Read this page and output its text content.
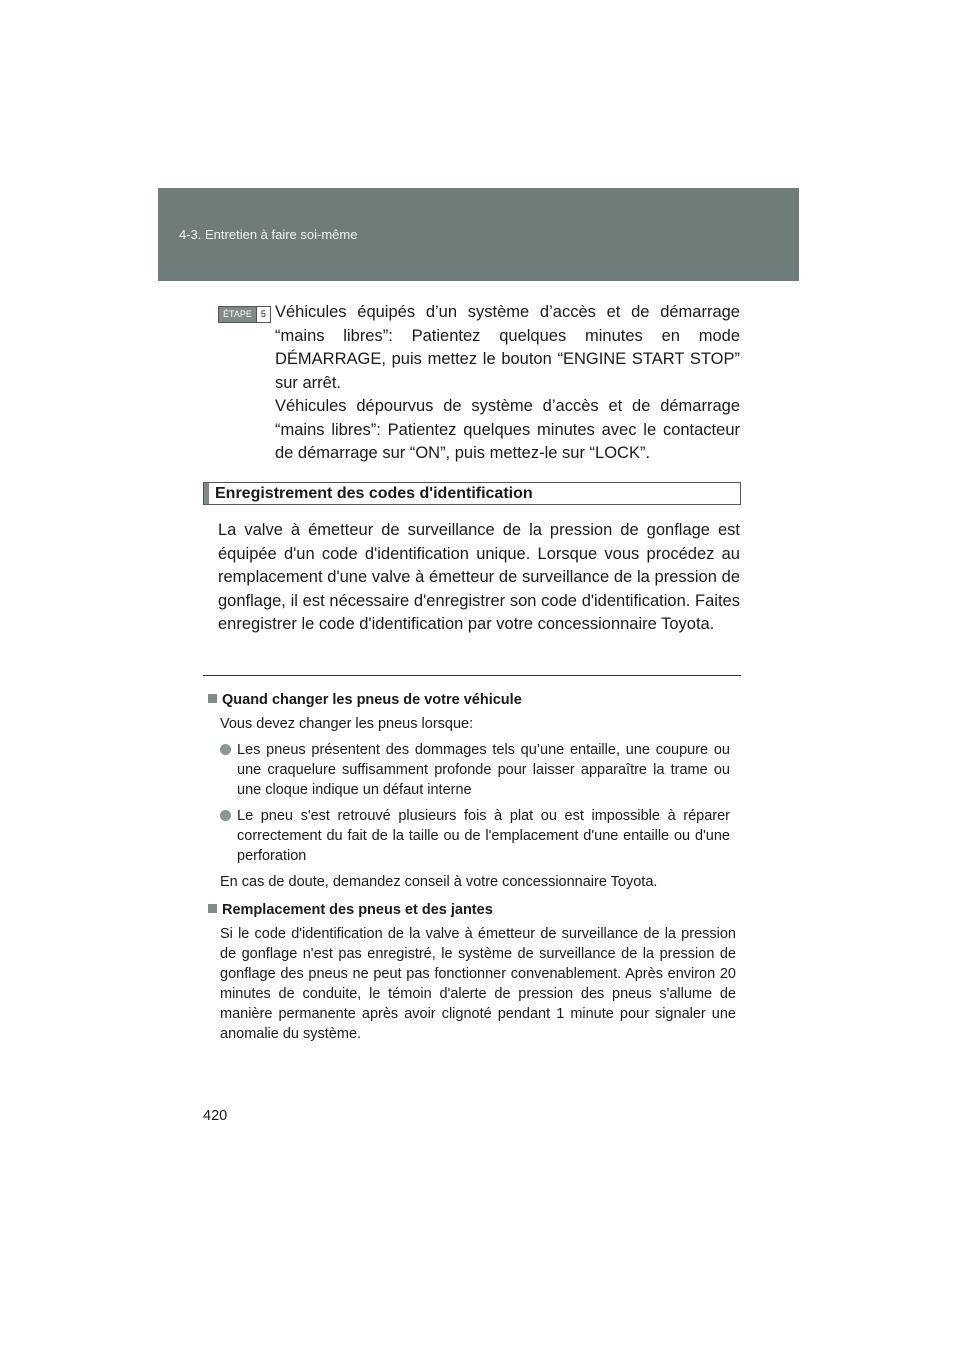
4-3. Entretien à faire soi-même
ÉTAPE	5 Véhicules équipés d’un système d’accès et de démarrage “mains libres”: Patientez quelques minutes en mode DÉMARRAGE, puis mettez le bouton “ENGINE START STOP” sur arrêt.

Véhicules dépourvus de système d’accès et de démarrage “mains libres”: Patientez quelques minutes avec le contacteur de démarrage sur “ON”, puis mettez-le sur “LOCK”.

Enregistrement des codes d'identification

La valve à émetteur de surveillance de la pression de gonflage est équipée d'un code d'identification unique. Lorsque vous procédez au remplacement d'une valve à émetteur de surveillance de la pression de gonflage, il est nécessaire d'enregistrer son code d'identification. Faites enregistrer le code d'identification par votre concessionnaire Toyota.

Quand changer les pneus de votre véhicule

Vous devez changer les pneus lorsque:

Les pneus présentent des dommages tels qu’une entaille, une coupure ou une craquelure suffisamment profonde pour laisser apparaître la trame ou une cloque indique un défaut interne
Le pneu s'est retrouvé plusieurs fois à plat ou est impossible à réparer correctement du fait de la taille ou de l'emplacement d'une entaille ou d'une perforation

En cas de doute, demandez conseil à votre concessionnaire Toyota.

Remplacement des pneus et des jantes

Si le code d'identification de la valve à émetteur de surveillance de la pression de gonflage n'est pas enregistré, le système de surveillance de la pression de gonflage des pneus ne peut pas fonctionner convenablement. Après environ 20 minutes de conduite, le témoin d'alerte de pression des pneus s'allume de manière permanente après avoir clignoté pendant 1 minute pour signaler une anomalie du système.

420
